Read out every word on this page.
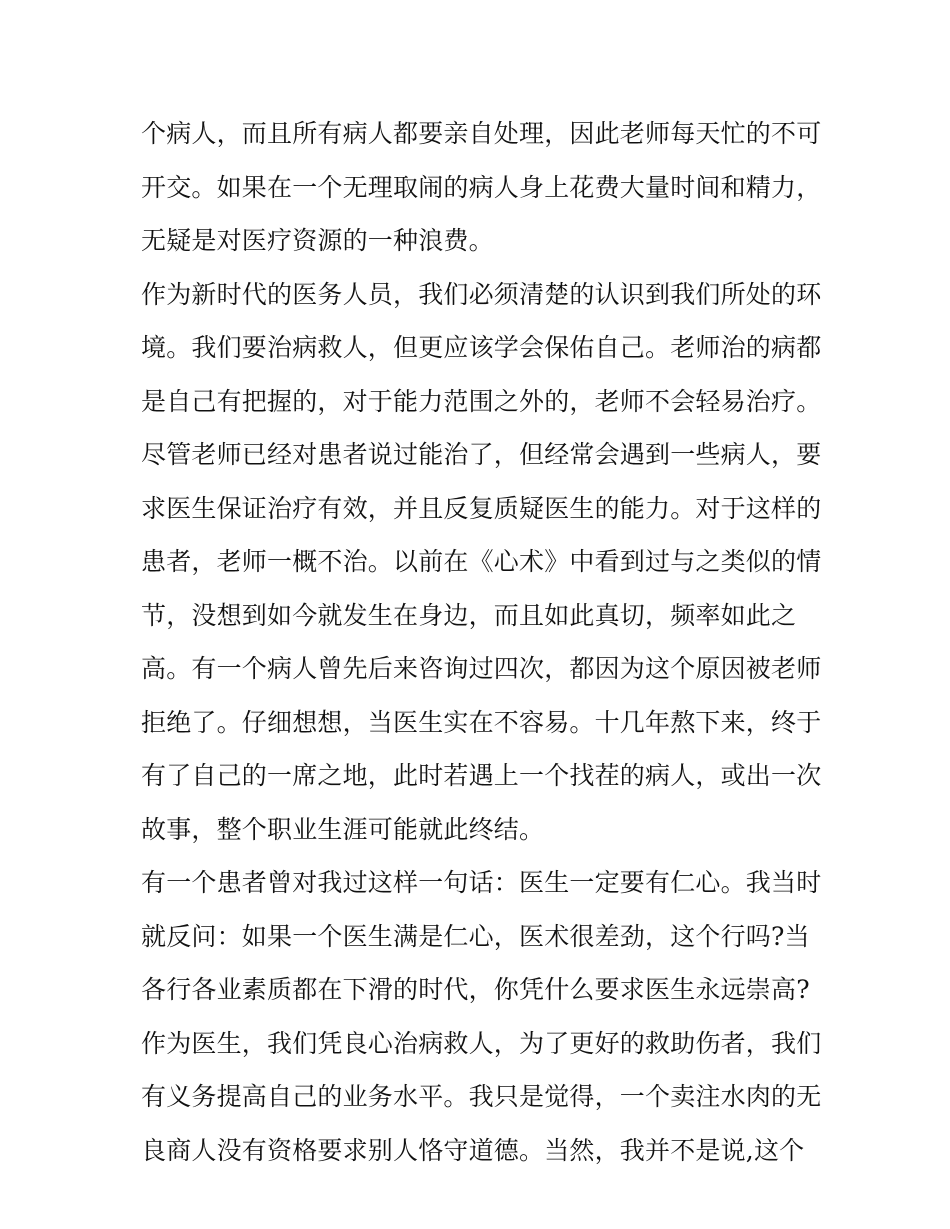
个病人，而且所有病人都要亲自处理，因此老师每天忙的不可
开交。如果在一个无理取闹的病人身上花费大量时间和精力，
无疑是对医疗资源的一种浪费。
作为新时代的医务人员，我们必须清楚的认识到我们所处的环
境。我们要治病救人，但更应该学会保佑自己。老师治的病都
是自己有把握的，对于能力范围之外的，老师不会轻易治疗。
尽管老师已经对患者说过能治了，但经常会遇到一些病人，要
求医生保证治疗有效，并且反复质疑医生的能力。对于这样的
患者，老师一概不治。以前在《心术》中看到过与之类似的情
节，没想到如今就发生在身边，而且如此真切，频率如此之
高。有一个病人曾先后来咨询过四次，都因为这个原因被老师
拒绝了。仔细想想，当医生实在不容易。十几年熬下来，终于
有了自己的一席之地，此时若遇上一个找茬的病人，或出一次
故事，整个职业生涯可能就此终结。
有一个患者曾对我过这样一句话：医生一定要有仁心。我当时
就反问：如果一个医生满是仁心，医术很差劲，这个行吗?当
各行各业素质都在下滑的时代，你凭什么要求医生永远崇高?
作为医生，我们凭良心治病救人，为了更好的救助伤者，我们
有义务提高自己的业务水平。我只是觉得，一个卖注水肉的无
良商人没有资格要求别人恪守道德。当然，我并不是说,这个
